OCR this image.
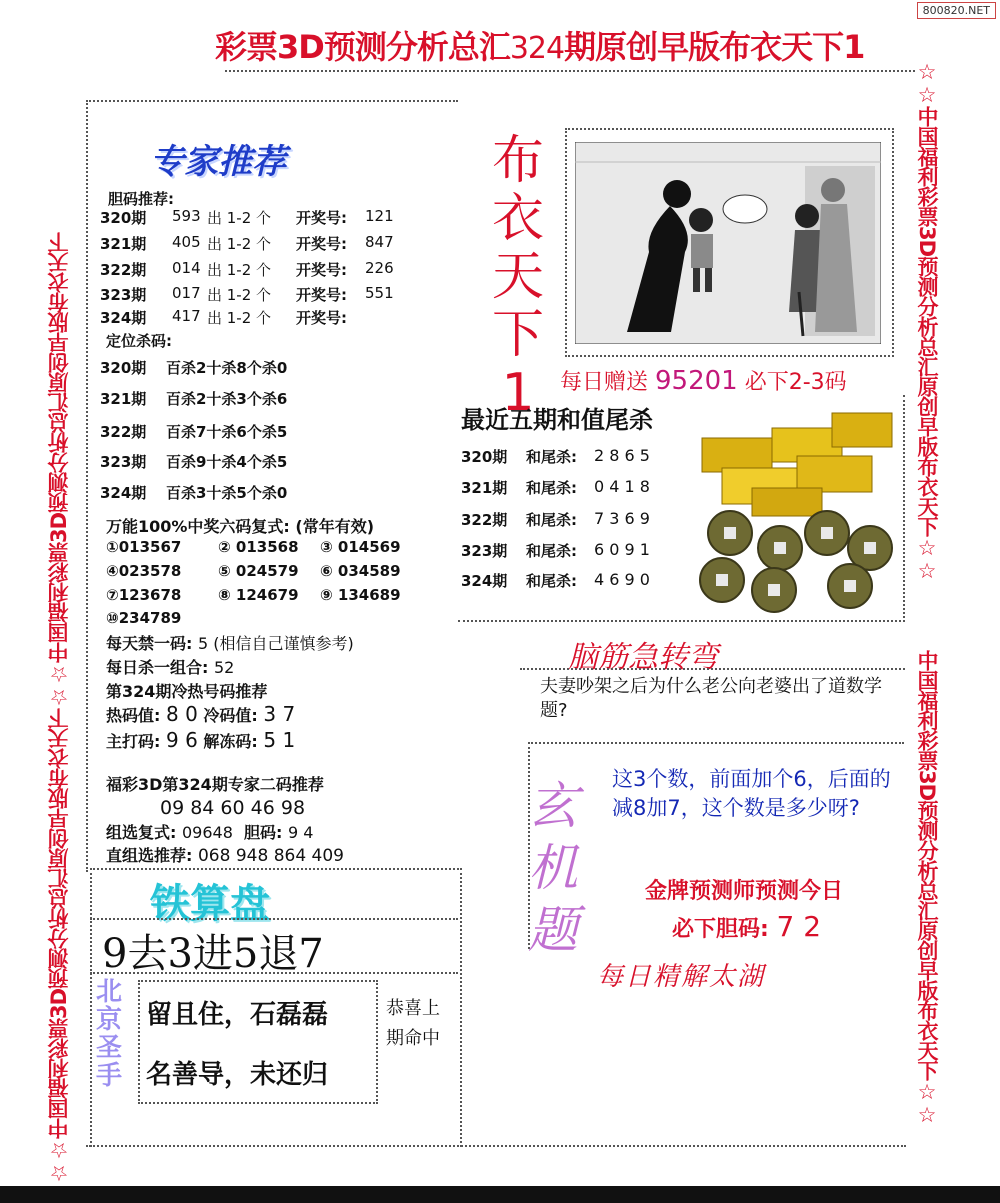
800820.NET
彩票3D预测分析总汇324期原创早版布衣天下1
☆☆中国福利彩票3D预测分析总汇原创早版布衣天下☆☆中国福利彩票3D预测分析总汇原创早版布衣天下	☆☆中国福利彩票3D预测分析总汇原创早版布衣天下☆☆
中国福利彩票3D预测分析总汇原创早版布衣天下☆☆
专家推荐
胆码推荐:
320期 593 出 1-2 个 开奖号: 121
321期 405 出 1-2 个 开奖号: 847
322期 014 出 1-2 个 开奖号: 226
323期 017 出 1-2 个 开奖号: 551
324期 417 出 1-2 个 开奖号:
定位杀码:
320期 百杀2十杀8个杀0
321期 百杀2十杀3个杀6
322期 百杀7十杀6个杀5
323期 百杀9十杀4个杀5
324期 百杀3十杀5个杀0
万能100%中奖六码复式: (常年有效)
①013567 ② 013568 ③ 014569
④023578 ⑤ 024579 ⑥ 034589
⑦123678 ⑧ 124679 ⑨ 134689
⑩234789
每天禁一码: 5 (相信自己谨慎参考)
每日杀一组合: 52
第324期冷热号码推荐
热码值: 8 0 冷码值: 3 7
主打码: 9 6 解冻码: 5 1
福彩3D第324期专家二码推荐
09 84 60 46 98
组选复式: 09648 胆码: 9 4
直组选推荐: 068 948 864 409
铁算盘
9去3进5退7
北京圣手
留且住，石磊磊
名善导，未还归
恭喜上期命中
布衣天下1	每日赠送 95201 必下2-3码
最近五期和值尾杀
320期 和尾杀: 2 8 6 5
321期 和尾杀: 0 4 1 8
322期 和尾杀: 7 3 6 9
323期 和尾杀: 6 0 9 1
324期 和尾杀: 4 6 9 0
脑筋急转弯
夫妻吵架之后为什么老公向老婆出了道数学题?
玄机题
这3个数，前面加个6，后面的减8加7，这个数是多少呀?
金牌预测师预测今日
必下胆码: 7 2
每日精解太湖
